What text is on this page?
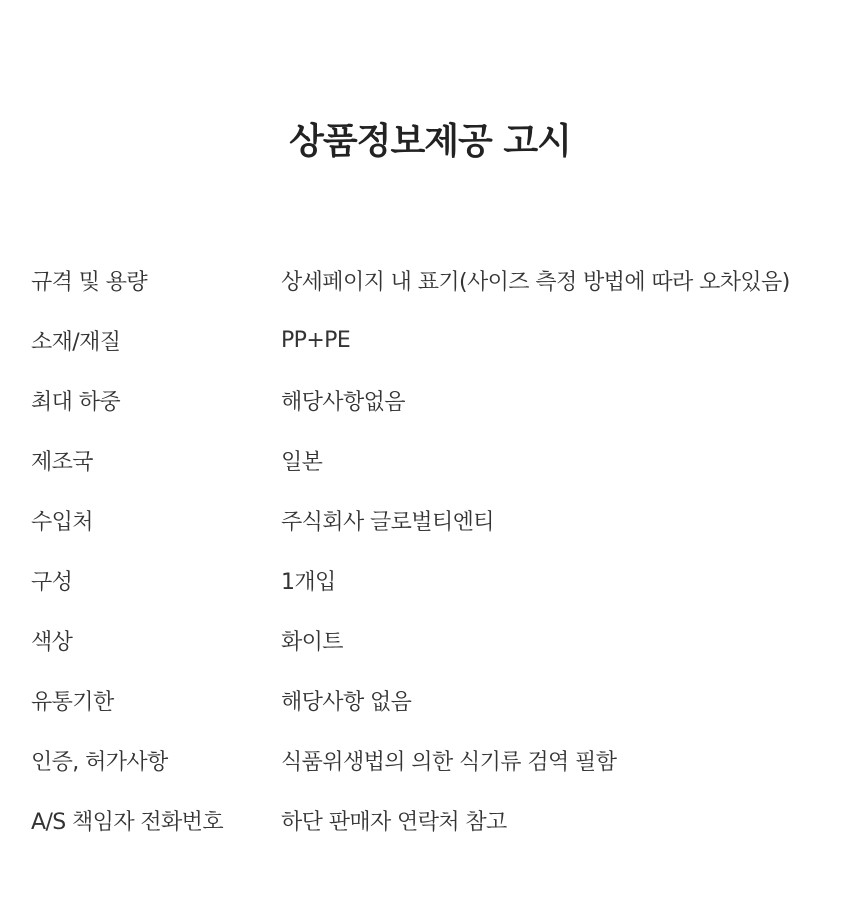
상품정보제공 고시
규격 및 용량	상세페이지 내 표기(사이즈 측정 방법에 따라 오차있음)
소재/재질	PP+PE
최대 하중	해당사항없음
제조국	일본
수입처	주식회사 글로벌티엔티
구성	1개입
색상	화이트
유통기한	해당사항 없음
인증, 허가사항	식품위생법의 의한 식기류 검역 필함
A/S 책임자 전화번호	하단 판매자 연락처 참고
